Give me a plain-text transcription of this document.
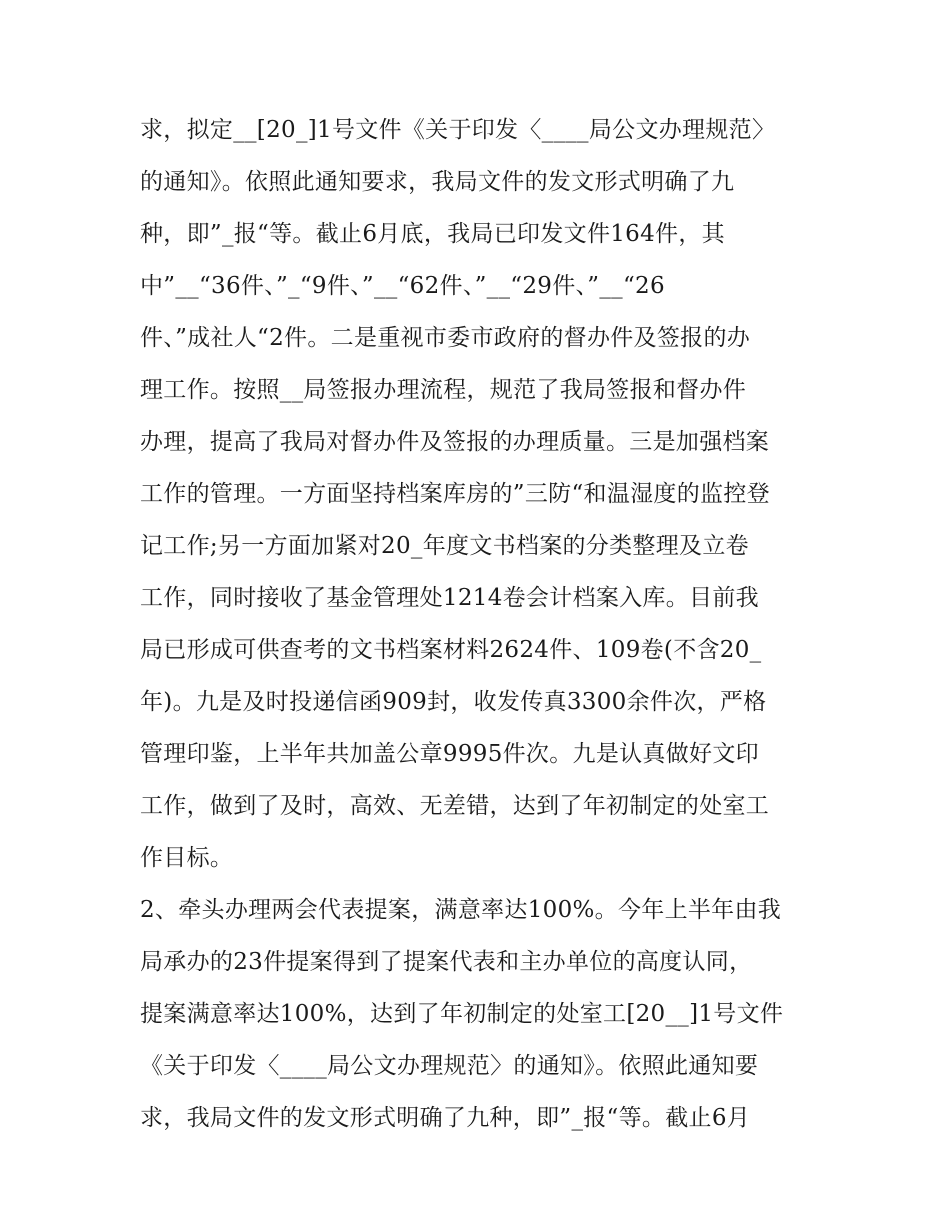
求，拟定__[20_]1号文件《关于印发〈____局公文办理规范〉
的通知》。依照此通知要求，我局文件的发文形式明确了九
种，即”_报“等。截止6月底，我局已印发文件164件，其
中”__“36件、”_“9件、”__“62件、”__“29件、”__“26
件、”成社人“2件。二是重视市委市政府的督办件及签报的办
理工作。按照__局签报办理流程，规范了我局签报和督办件
办理，提高了我局对督办件及签报的办理质量。三是加强档案
工作的管理。一方面坚持档案库房的”三防“和温湿度的监控登
记工作;另一方面加紧对20_年度文书档案的分类整理及立卷
工作，同时接收了基金管理处1214卷会计档案入库。目前我
局已形成可供查考的文书档案材料2624件、109卷(不含20_
年)。九是及时投递信函909封，收发传真3300余件次，严格
管理印鉴，上半年共加盖公章9995件次。九是认真做好文印
工作，做到了及时，高效、无差错，达到了年初制定的处室工
作目标。
2、牵头办理两会代表提案，满意率达100%。今年上半年由我
局承办的23件提案得到了提案代表和主办单位的高度认同，
提案满意率达100%，达到了年初制定的处室工[20__]1号文件
《关于印发〈____局公文办理规范〉的通知》。依照此通知要
求，我局文件的发文形式明确了九种，即”_报“等。截止6月
